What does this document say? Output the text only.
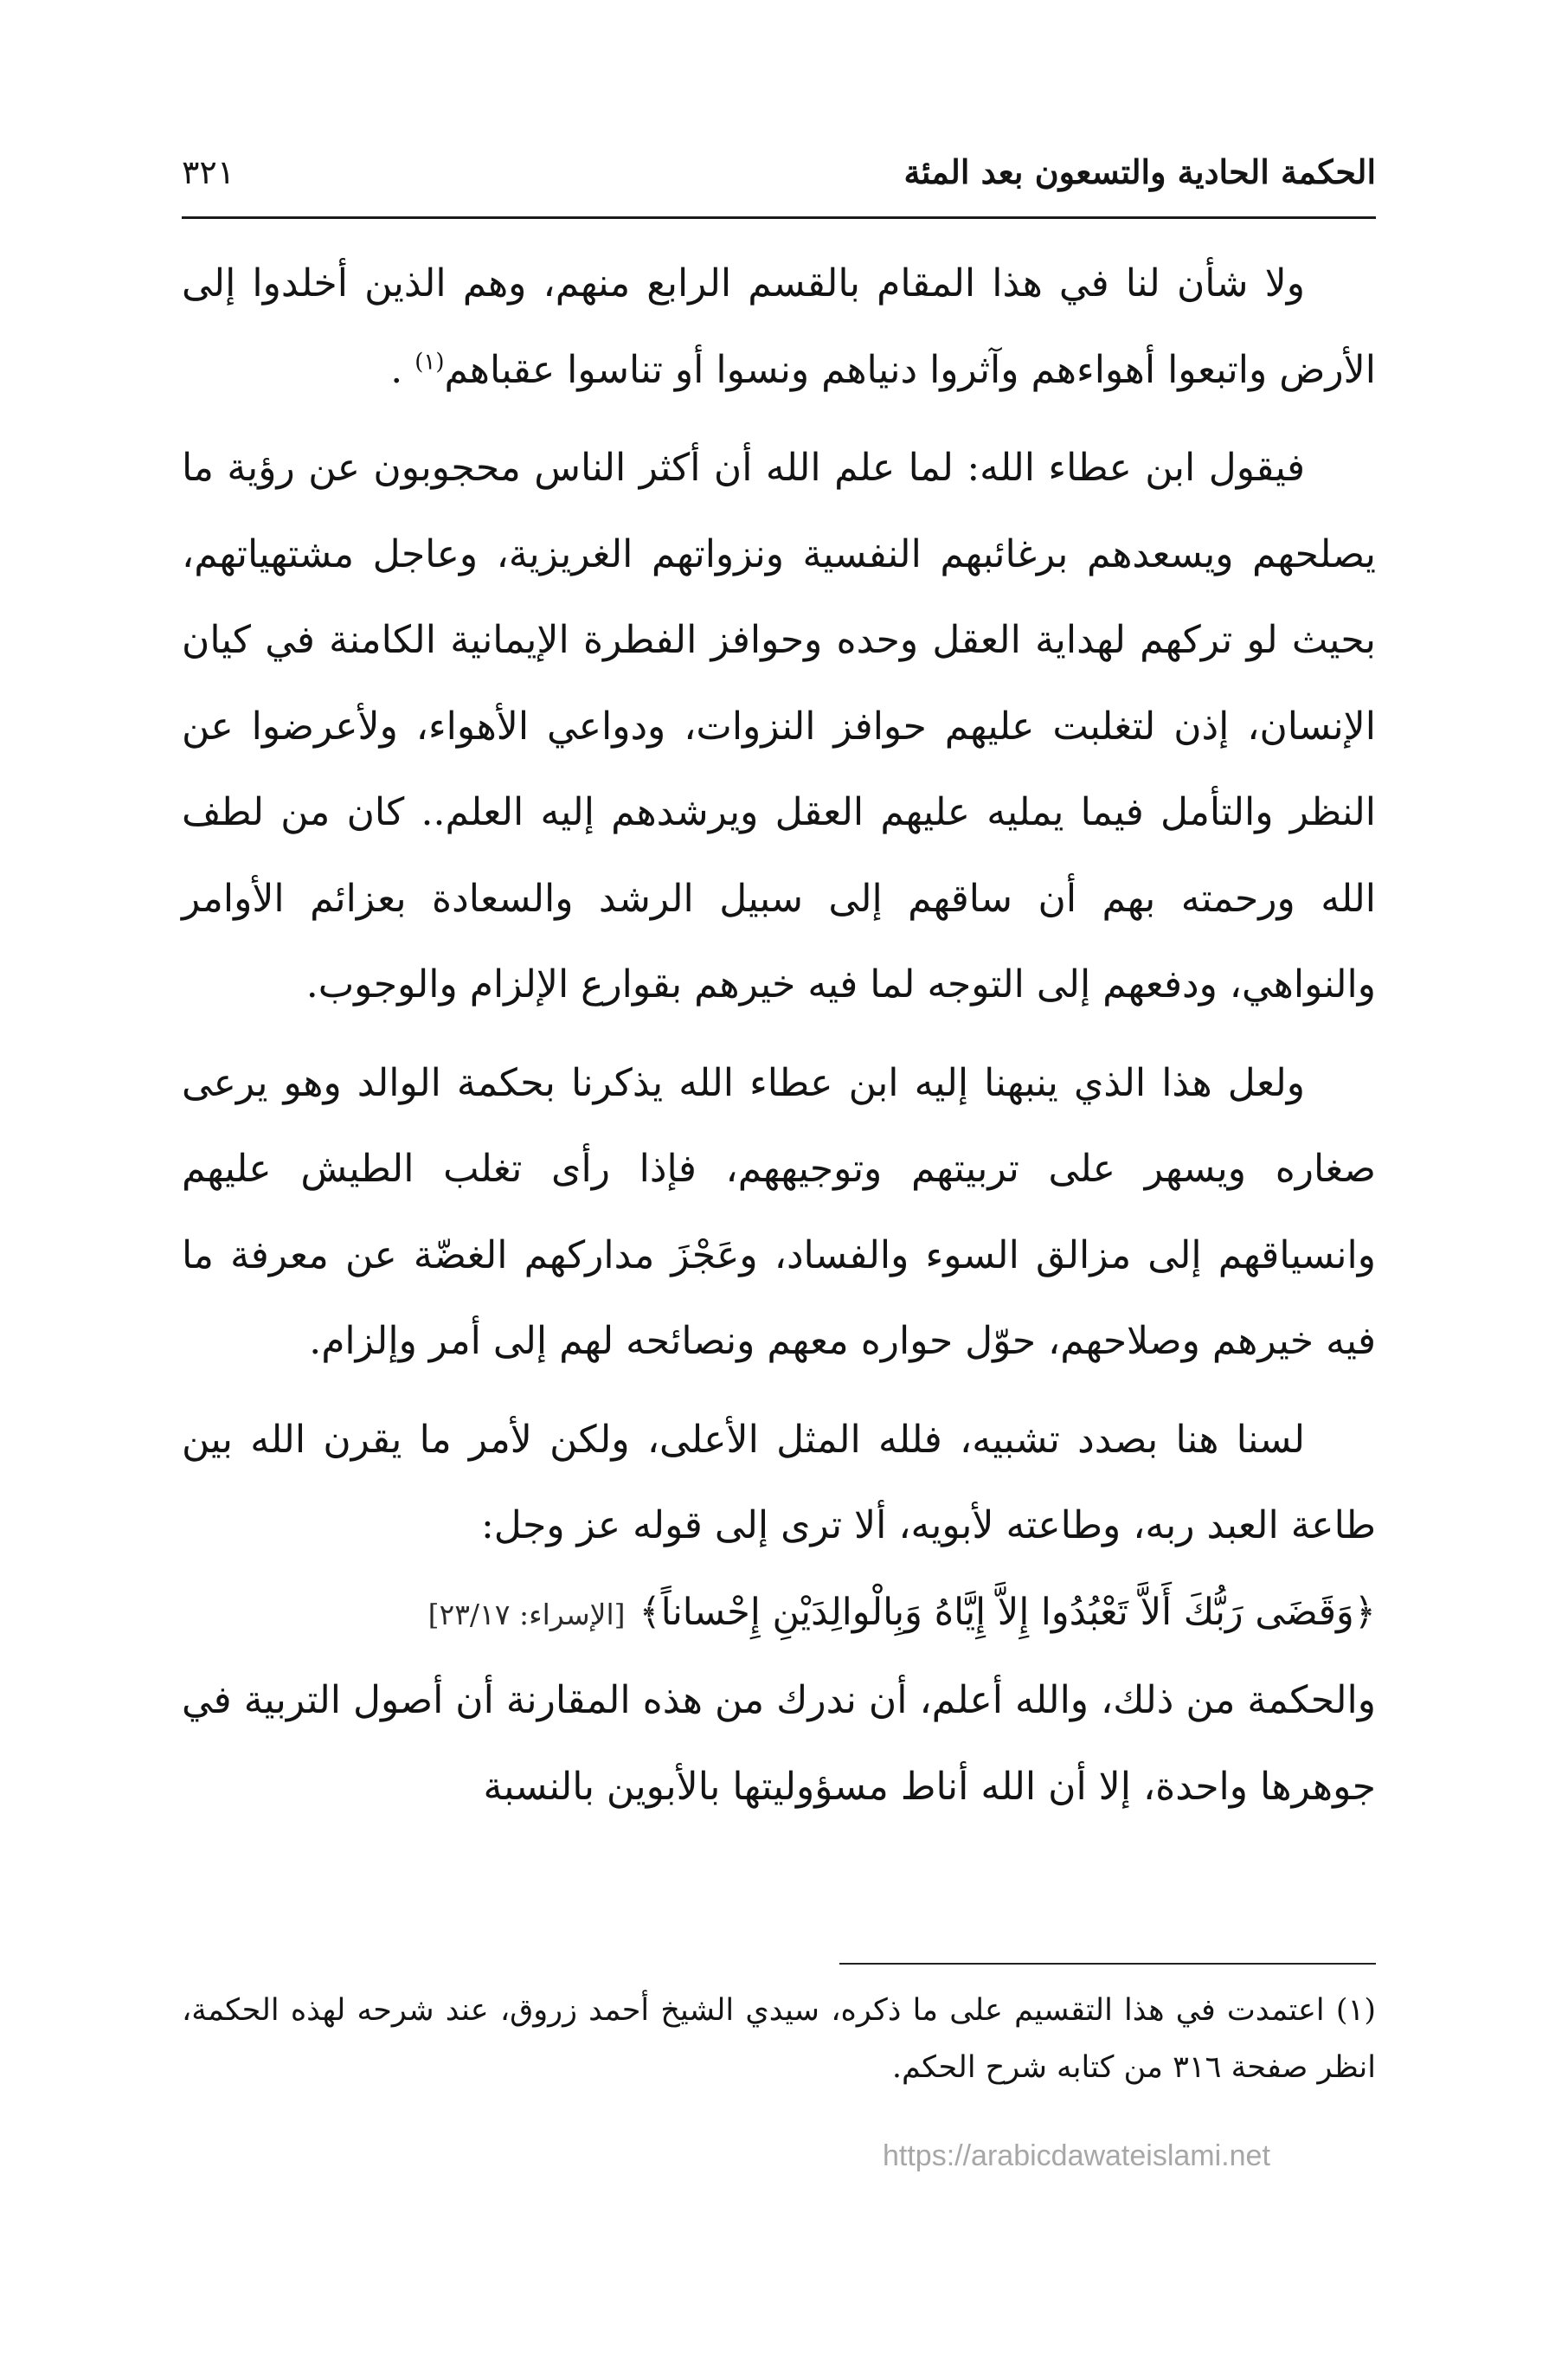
الحكمة الحادية والتسعون بعد المئة
٣٢١

ولا شأن لنا في هذا المقام بالقسم الرابع منهم، وهم الذين أخلدوا إلى الأرض واتبعوا أهواءهم وآثروا دنياهم ونسوا أو تناسوا عقباهم$^{(١)}$ .

فيقول ابن عطاء الله: لما علم الله أن أكثر الناس محجوبون عن رؤية ما يصلحهم ويسعدهم برغائبهم النفسية ونزواتهم الغريزية، وعاجل مشتهياتهم، بحيث لو تركهم لهداية العقل وحده وحوافز الفطرة الإيمانية الكامنة في كيان الإنسان، إذن لتغلبت عليهم حوافز النزوات، ودواعي الأهواء، ولأعرضوا عن النظر والتأمل فيما يمليه عليهم العقل ويرشدهم إليه العلم.. كان من لطف الله ورحمته بهم أن ساقهم إلى سبيل الرشد والسعادة بعزائم الأوامر والنواهي، ودفعهم إلى التوجه لما فيه خيرهم بقوارع الإلزام والوجوب.

ولعل هذا الذي ينبهنا إليه ابن عطاء الله يذكرنا بحكمة الوالد وهو يرعى صغاره ويسهر على تربيتهم وتوجيههم، فإذا رأى تغلب الطيش عليهم وانسياقهم إلى مزالق السوء والفساد، وعَجْزَ مداركهم الغضّة عن معرفة ما فيه خيرهم وصلاحهم، حوّل حواره معهم ونصائحه لهم إلى أمر وإلزام.

لسنا هنا بصدد تشبيه، فلله المثل الأعلى، ولكن لأمر ما يقرن الله بين طاعة العبد ربه، وطاعته لأبويه، ألا ترى إلى قوله عز وجل:
﴿وَقَضَى رَبُّكَ أَلاَّ تَعْبُدُوا إِلاَّ إِيَّاهُ وَبِالْوالِدَيْنِ إِحْساناً﴾[الإسراء: ٢٣/١٧]
والحكمة من ذلك، والله أعلم، أن ندرك من هذه المقارنة أن أصول التربية في جوهرها واحدة، إلا أن الله أناط مسؤوليتها بالأبوين بالنسبة

(١) اعتمدت في هذا التقسيم على ما ذكره، سيدي الشيخ أحمد زروق، عند شرحه لهذه الحكمة، انظر صفحة ٣١٦ من كتابه شرح الحكم.

https://arabicdawateislami.net
